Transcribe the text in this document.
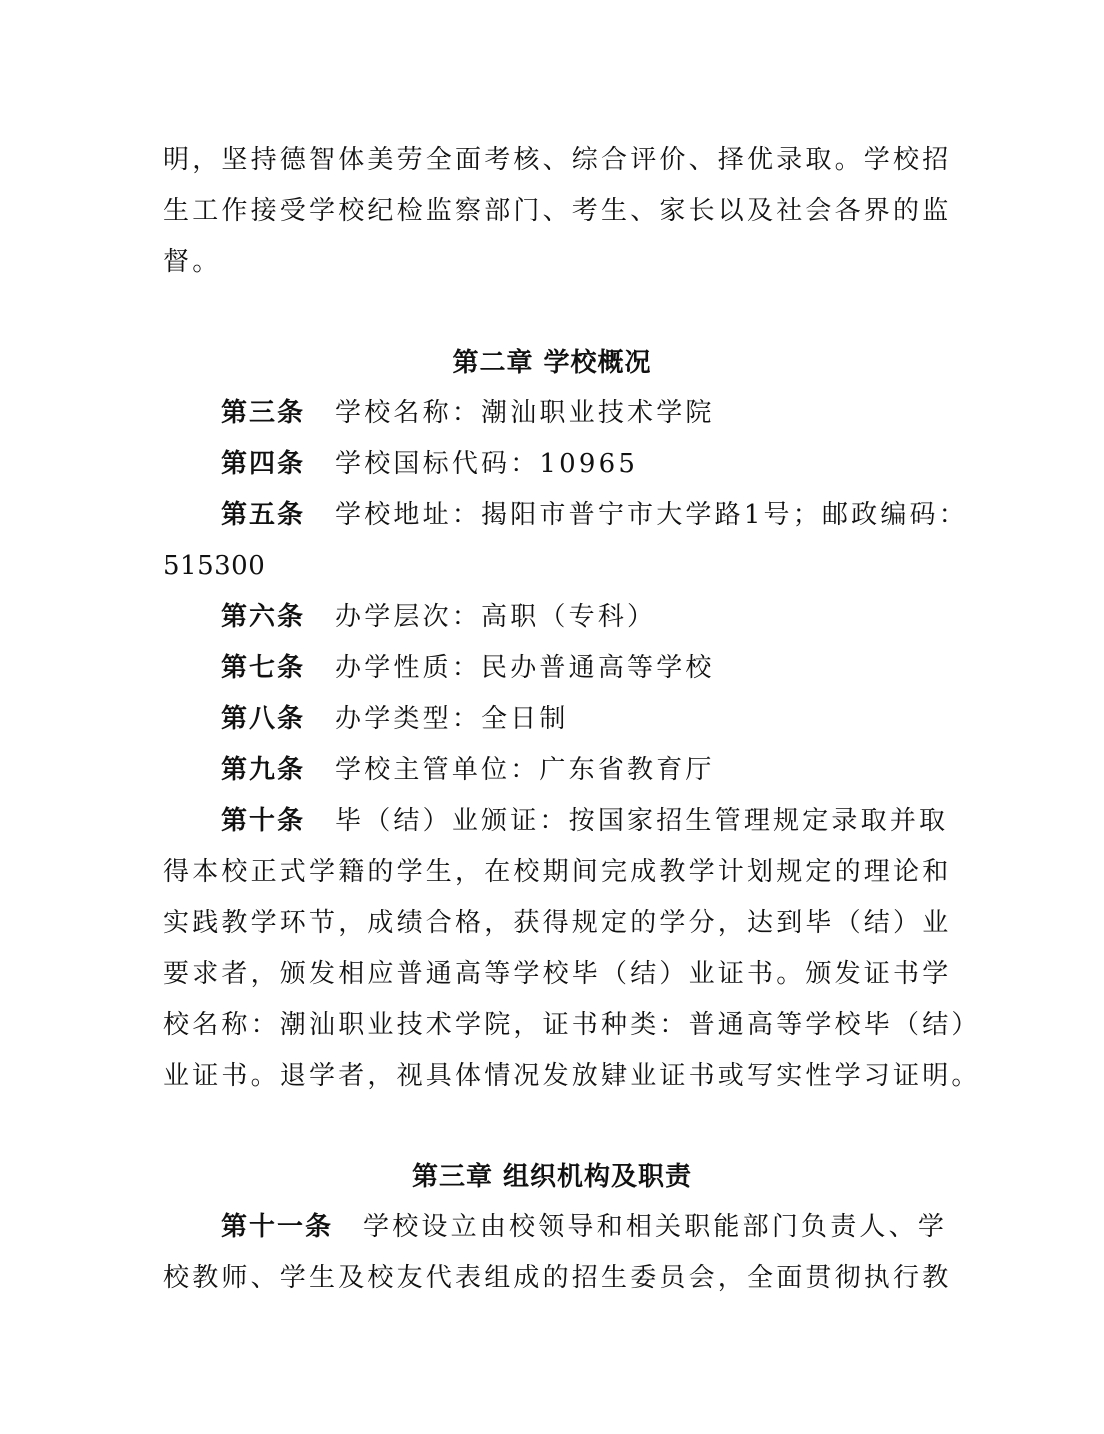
明，坚持德智体美劳全面考核、综合评价、择优录取。学校招
生工作接受学校纪检监察部门、考生、家长以及社会各界的监
督。
第二章 学校概况
第三条 学校名称：潮汕职业技术学院
第四条 学校国标代码：10965
第五条 学校地址：揭阳市普宁市大学路1号；邮政编码：
515300
第六条 办学层次：高职（专科）
第七条 办学性质：民办普通高等学校
第八条 办学类型：全日制
第九条 学校主管单位：广东省教育厅
第十条 毕（结）业颁证：按国家招生管理规定录取并取
得本校正式学籍的学生，在校期间完成教学计划规定的理论和
实践教学环节，成绩合格，获得规定的学分，达到毕（结）业
要求者，颁发相应普通高等学校毕（结）业证书。颁发证书学
校名称：潮汕职业技术学院，证书种类：普通高等学校毕（结）
业证书。退学者，视具体情况发放肄业证书或写实性学习证明。
第三章 组织机构及职责
第十一条 学校设立由校领导和相关职能部门负责人、学
校教师、学生及校友代表组成的招生委员会，全面贯彻执行教
